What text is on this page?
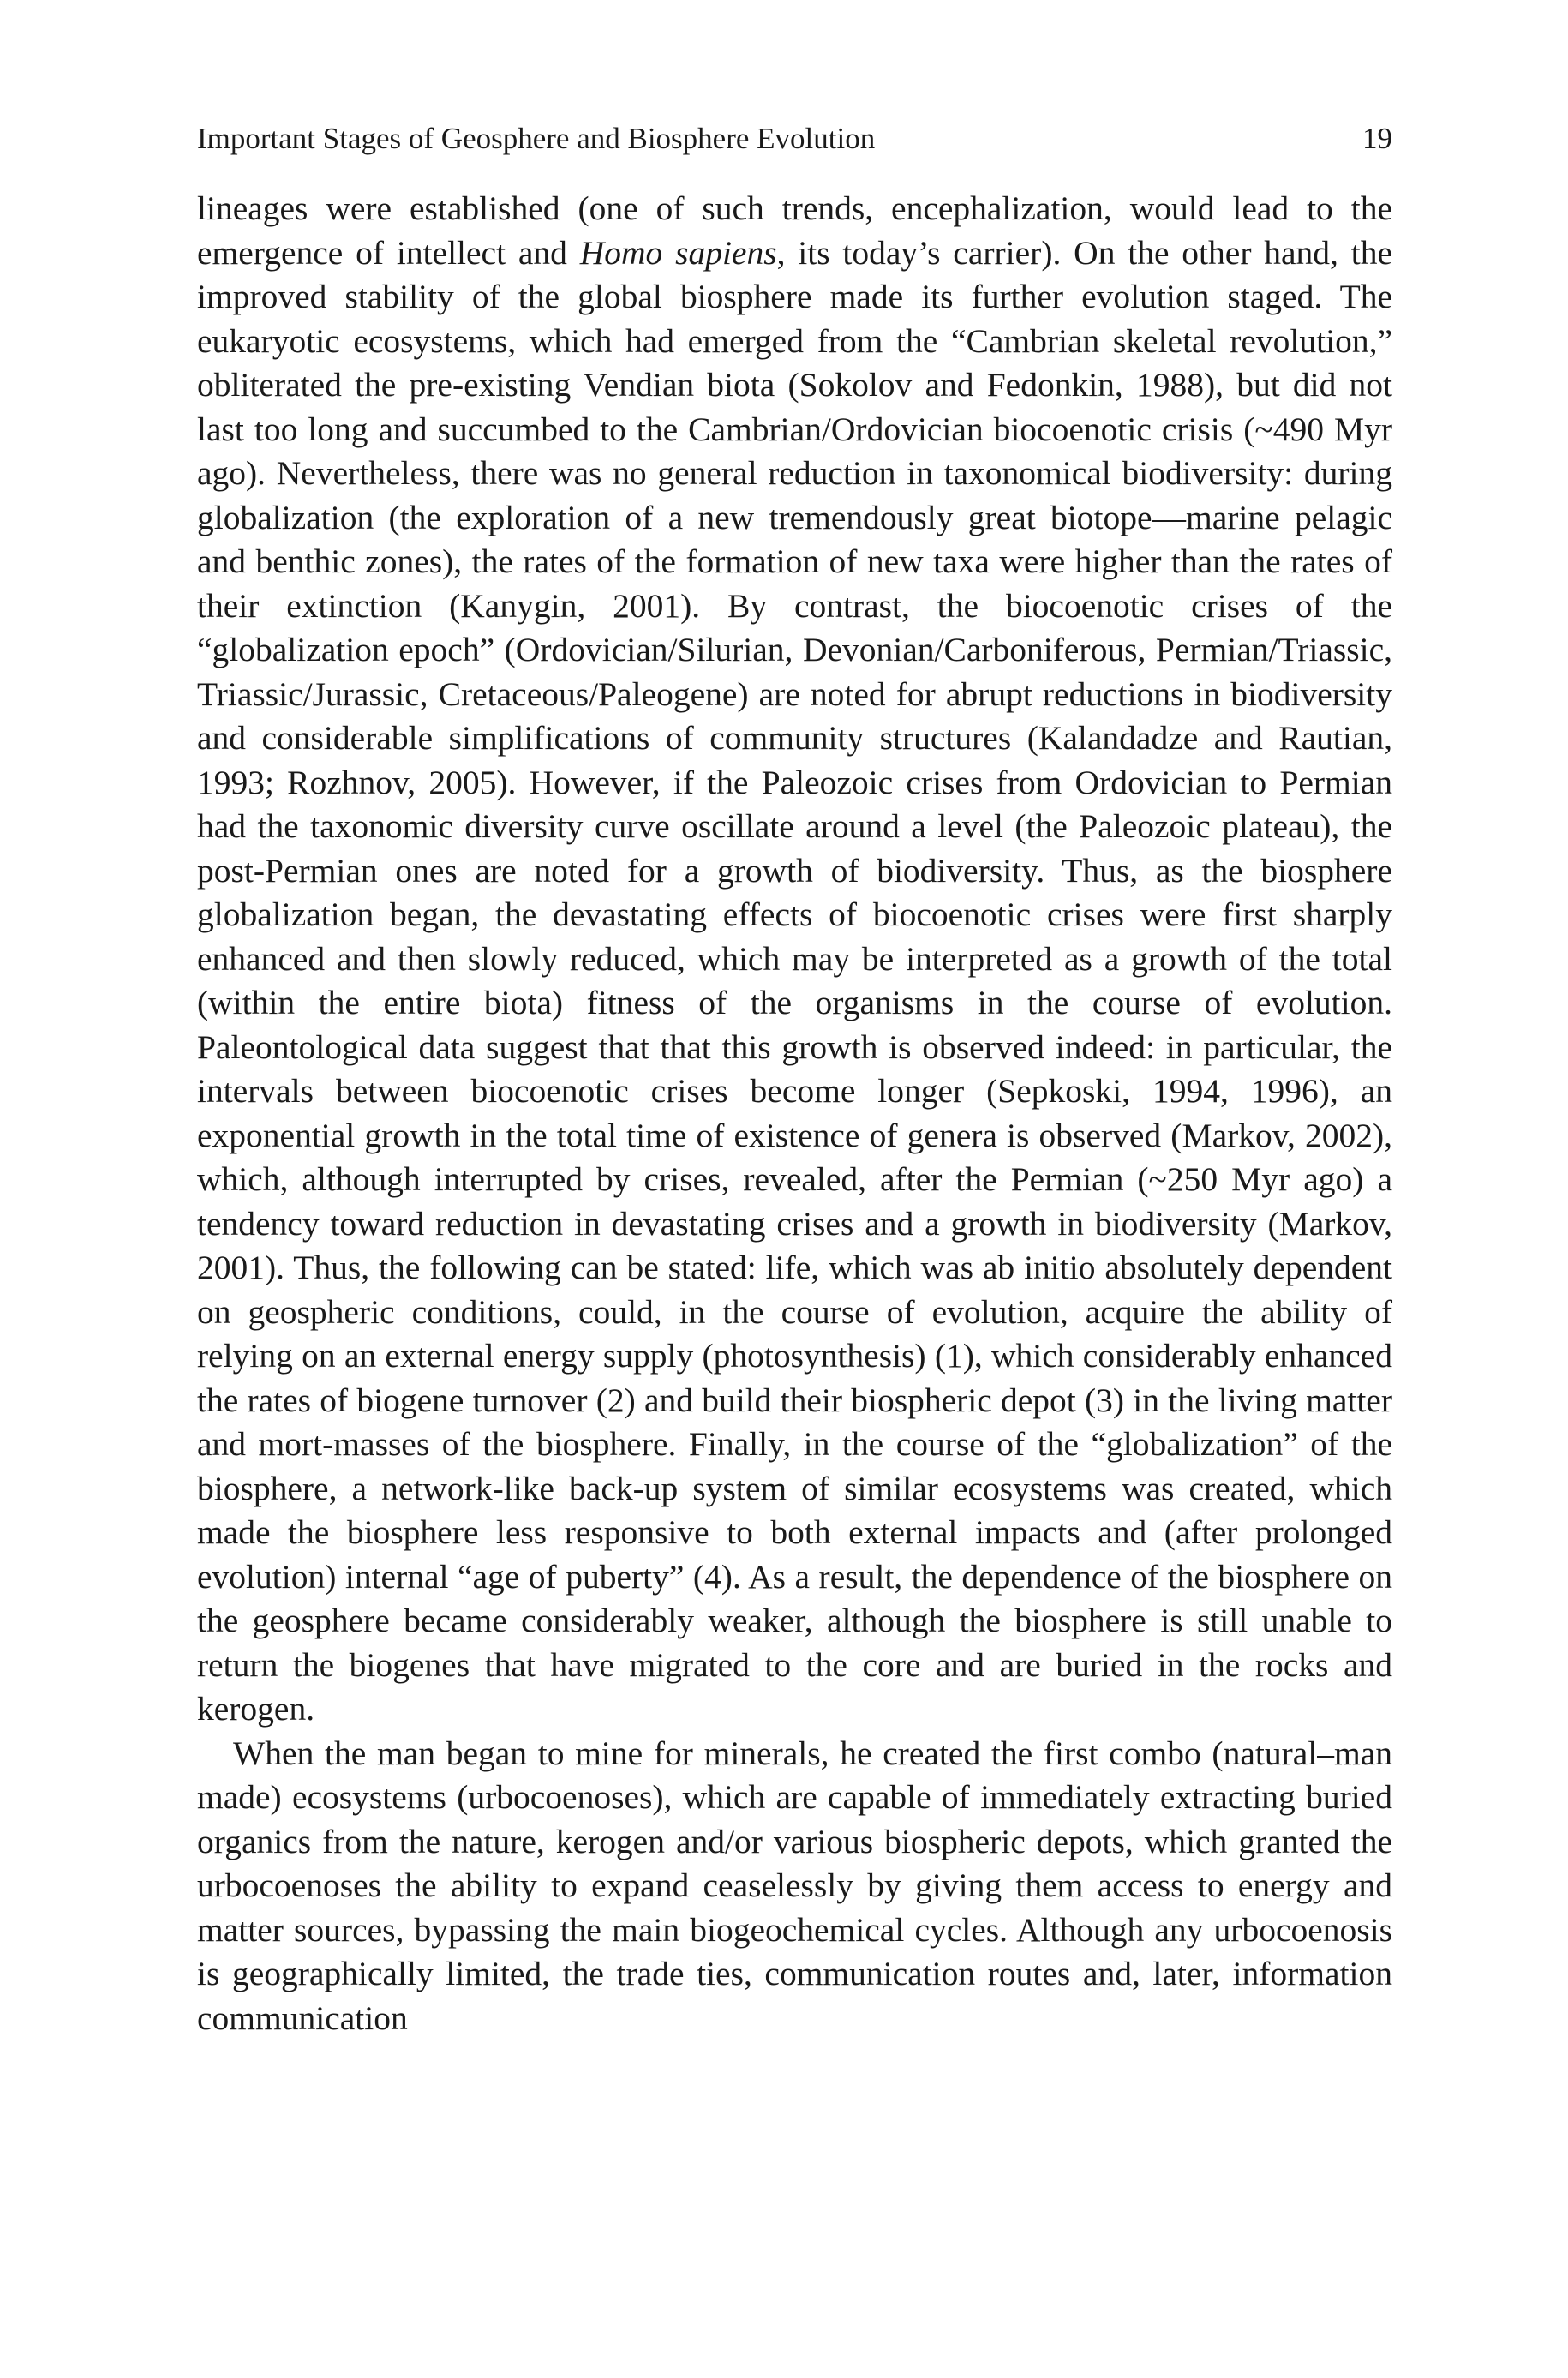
Important Stages of Geosphere and Biosphere Evolution	19

lineages were established (one of such trends, encephalization, would lead to the emergence of intellect and Homo sapiens, its today’s carrier). On the other hand, the improved stability of the global biosphere made its further evolution staged. The eukaryotic ecosystems, which had emerged from the “Cambrian skeletal revolution,” obliterated the pre-existing Vendian biota (Sokolov and Fedonkin, 1988), but did not last too long and succumbed to the Cambrian/Ordovician biocoenotic crisis (~490 Myr ago). Nevertheless, there was no general reduction in taxonomical biodiversity: during globalization (the exploration of a new tremendously great biotope—marine pelagic and benthic zones), the rates of the formation of new taxa were higher than the rates of their extinction (Kanygin, 2001). By contrast, the biocoenotic crises of the “globalization epoch” (Ordovician/Silurian, Devonian/Carboniferous, Permian/Triassic, Triassic/Jurassic, Cretaceous/Paleogene) are noted for abrupt reductions in biodiversity and considerable simplifications of community structures (Kalandadze and Rautian, 1993; Rozhnov, 2005). However, if the Paleozoic crises from Ordovician to Permian had the taxonomic diversity curve oscillate around a level (the Paleozoic plateau), the post-Permian ones are noted for a growth of biodiversity. Thus, as the biosphere globalization began, the devastating effects of biocoenotic crises were first sharply enhanced and then slowly reduced, which may be interpreted as a growth of the total (within the entire biota) fitness of the organisms in the course of evolution. Paleontological data suggest that that this growth is observed indeed: in particular, the intervals between biocoenotic crises become longer (Sepkoski, 1994, 1996), an exponential growth in the total time of existence of genera is observed (Markov, 2002), which, although interrupted by crises, revealed, after the Permian (~250 Myr ago) a tendency toward reduction in devastating crises and a growth in biodiversity (Markov, 2001). Thus, the following can be stated: life, which was ab initio absolutely dependent on geospheric conditions, could, in the course of evolution, acquire the ability of relying on an external energy supply (photosynthesis) (1), which considerably enhanced the rates of biogene turnover (2) and build their biospheric depot (3) in the living matter and mort-masses of the biosphere. Finally, in the course of the “globalization” of the biosphere, a network-like back-up system of similar ecosystems was created, which made the biosphere less responsive to both external impacts and (after prolonged evolution) internal “age of puberty” (4). As a result, the dependence of the biosphere on the geosphere became considerably weaker, although the biosphere is still unable to return the biogenes that have migrated to the core and are buried in the rocks and kerogen.

When the man began to mine for minerals, he created the first combo (natural–man made) ecosystems (urbocoenoses), which are capable of immediately extracting buried organics from the nature, kerogen and/or various biospheric depots, which granted the urbocoenoses the ability to expand ceaselessly by giving them access to energy and matter sources, bypassing the main biogeochemical cycles. Although any urbocoenosis is geographically limited, the trade ties, communication routes and, later, information communication
